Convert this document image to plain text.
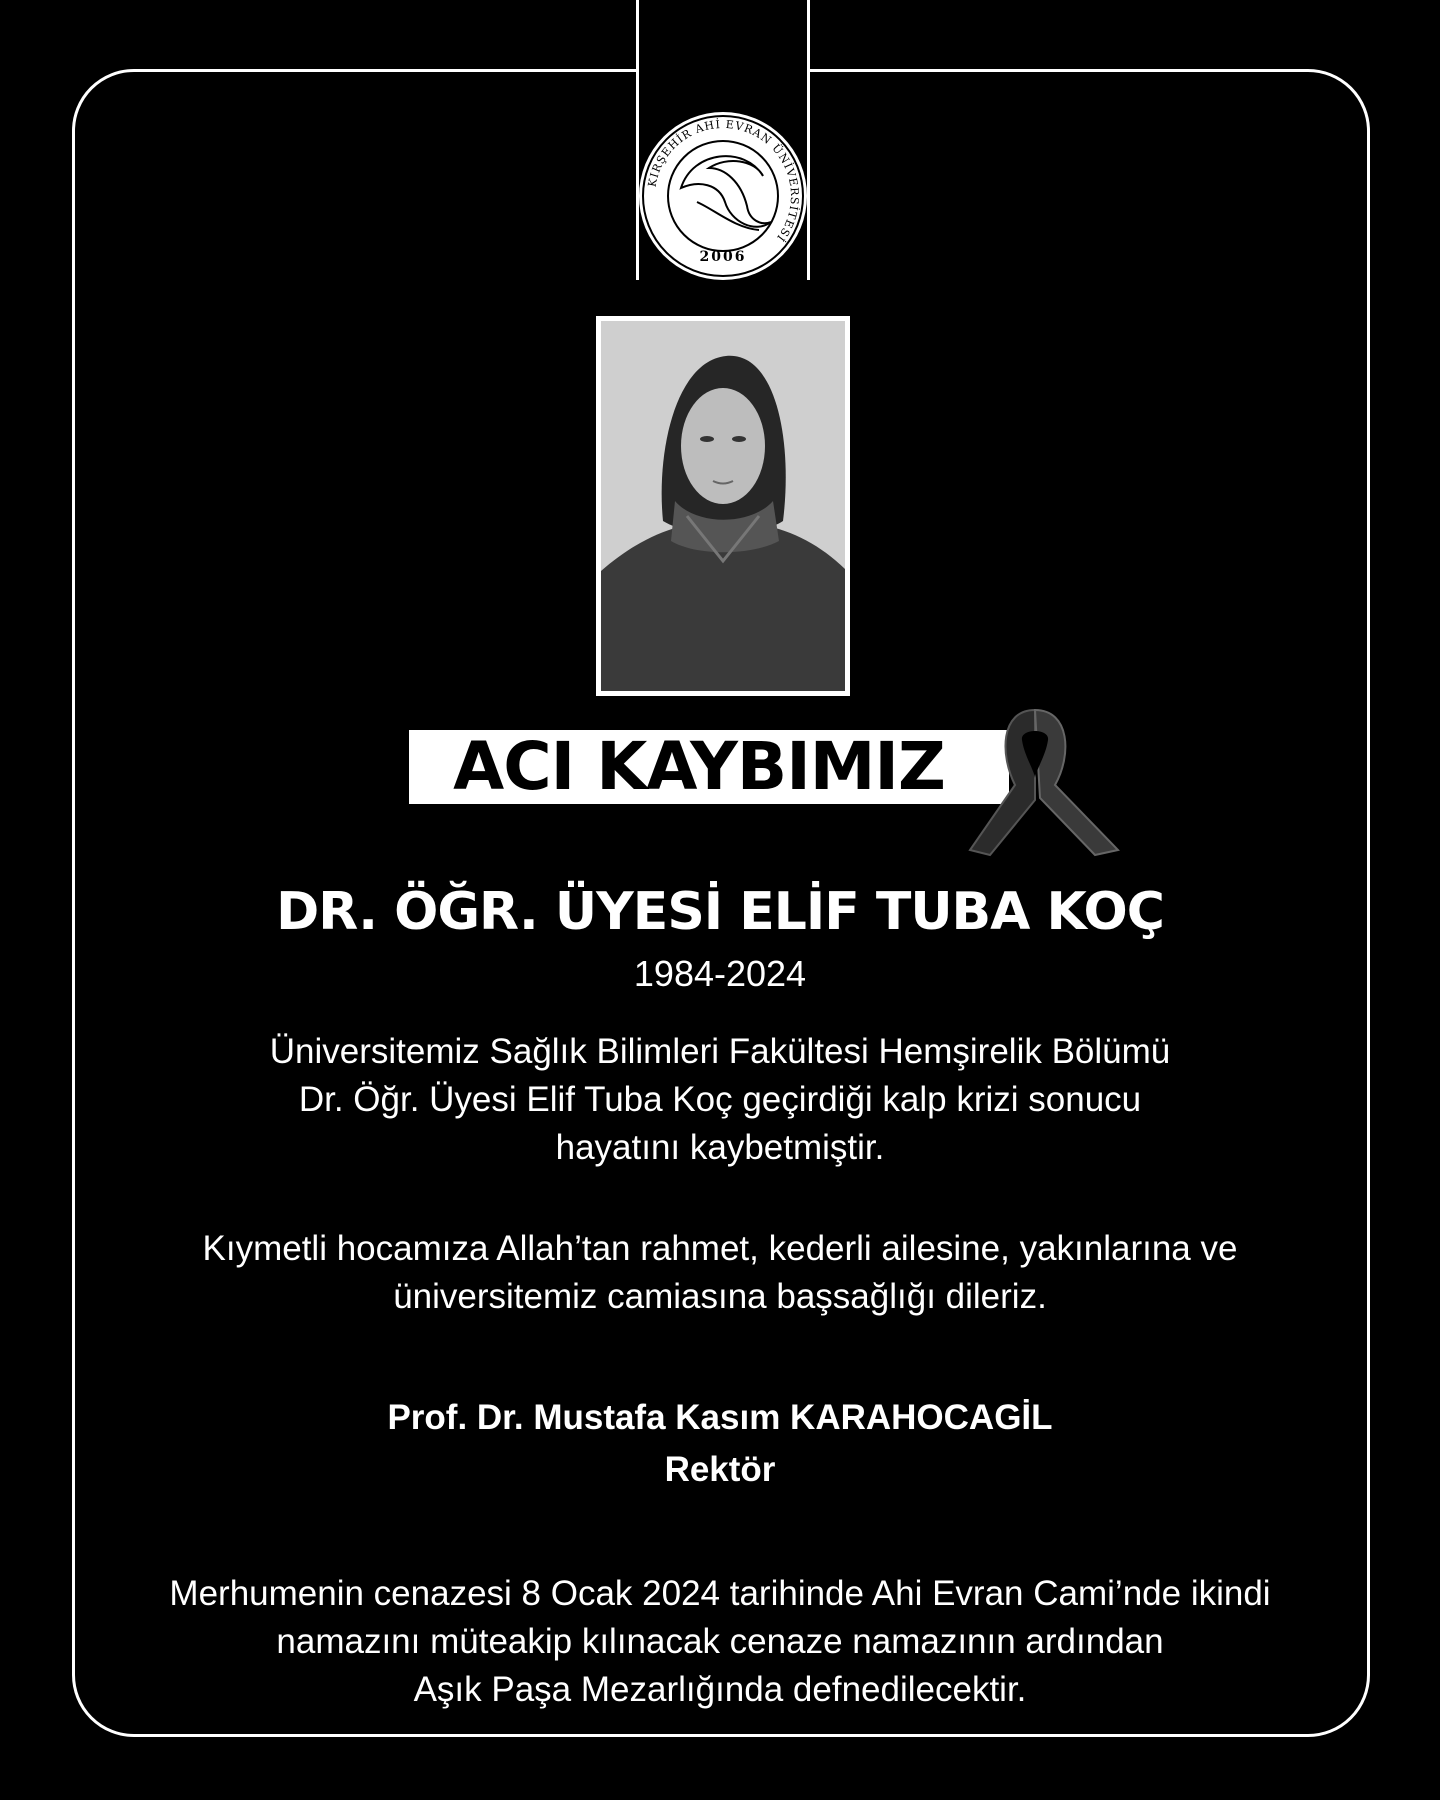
KIRŞEHİR AHİ EVRAN ÜNİVERSİTESİ
2006
ACI KAYBIMIZ
DR. ÖĞR. ÜYESİ ELİF TUBA KOÇ
1984-2024
Üniversitemiz Sağlık Bilimleri Fakültesi Hemşirelik Bölümü
Dr. Öğr. Üyesi Elif Tuba Koç geçirdiği kalp krizi sonucu
hayatını kaybetmiştir.
Kıymetli hocamıza Allah’tan rahmet, kederli ailesine, yakınlarına ve
üniversitemiz camiasına başsağlığı dileriz.
Prof. Dr. Mustafa Kasım KARAHOCAGİL
Rektör
Merhumenin cenazesi 8 Ocak 2024 tarihinde Ahi Evran Cami’nde ikindi
namazını müteakip kılınacak cenaze namazının ardından
Aşık Paşa Mezarlığında defnedilecektir.
